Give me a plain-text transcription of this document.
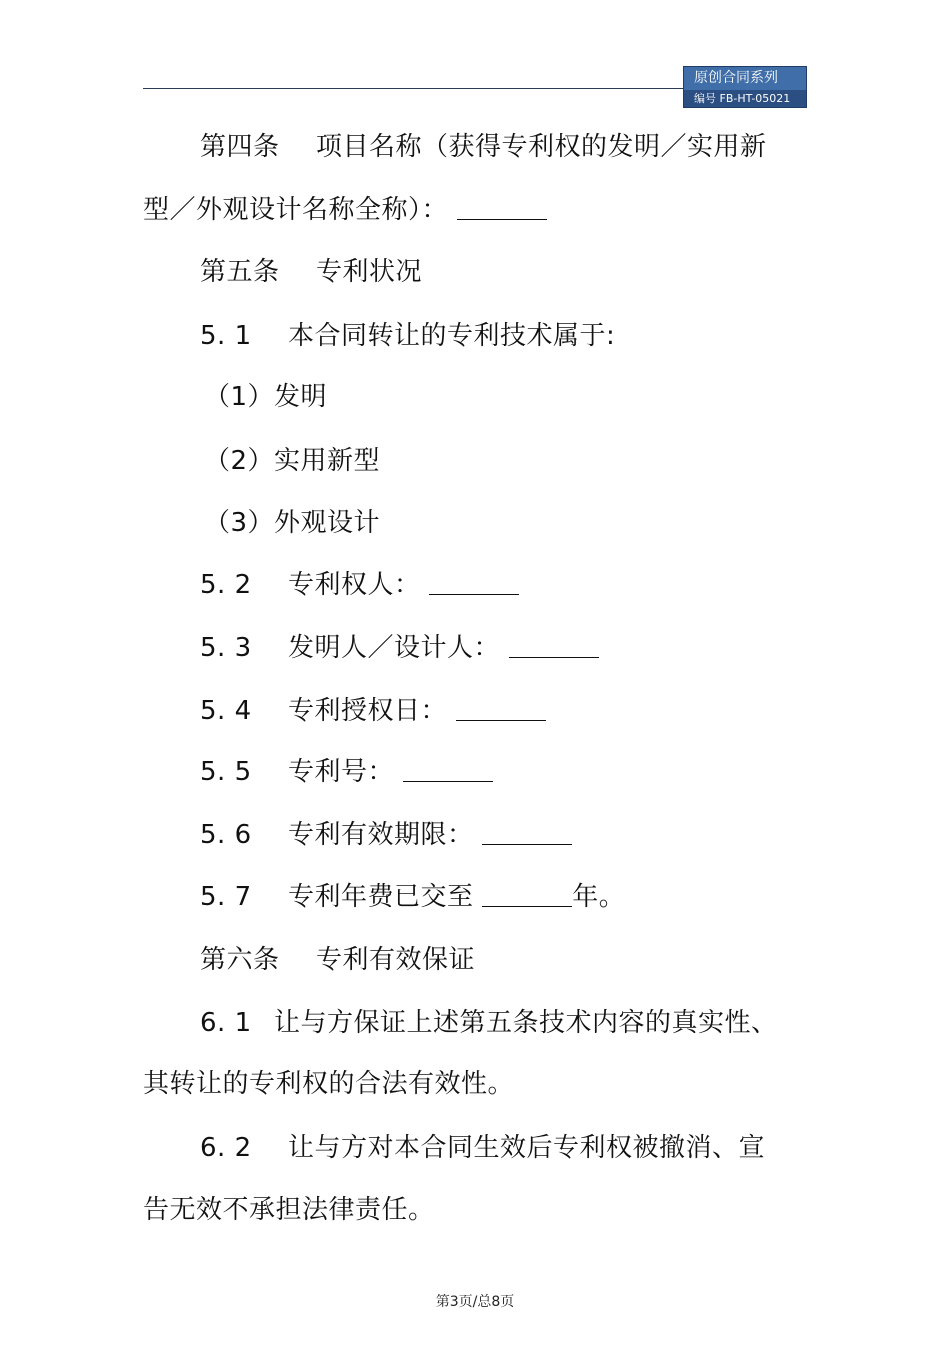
原创合同系列
编号 FB-HT-05021
第四条 项目名称（获得专利权的发明／实用新
型／外观设计名称全称）：
第五条 专利状况
5. 1 本合同转让的专利技术属于:
（1）发明
（2）实用新型
（3）外观设计
5. 2 专利权人：
5. 3 发明人／设计人：
5. 4 专利授权日：
5. 5 专利号：
5. 6 专利有效期限：
5. 7 专利年费已交至	年。
第六条 专利有效保证
6. 1 让与方保证上述第五条技术内容的真实性、
其转让的专利权的合法有效性。
6. 2 让与方对本合同生效后专利权被撤消、宣
告无效不承担法律责任。
第3页/总8页
